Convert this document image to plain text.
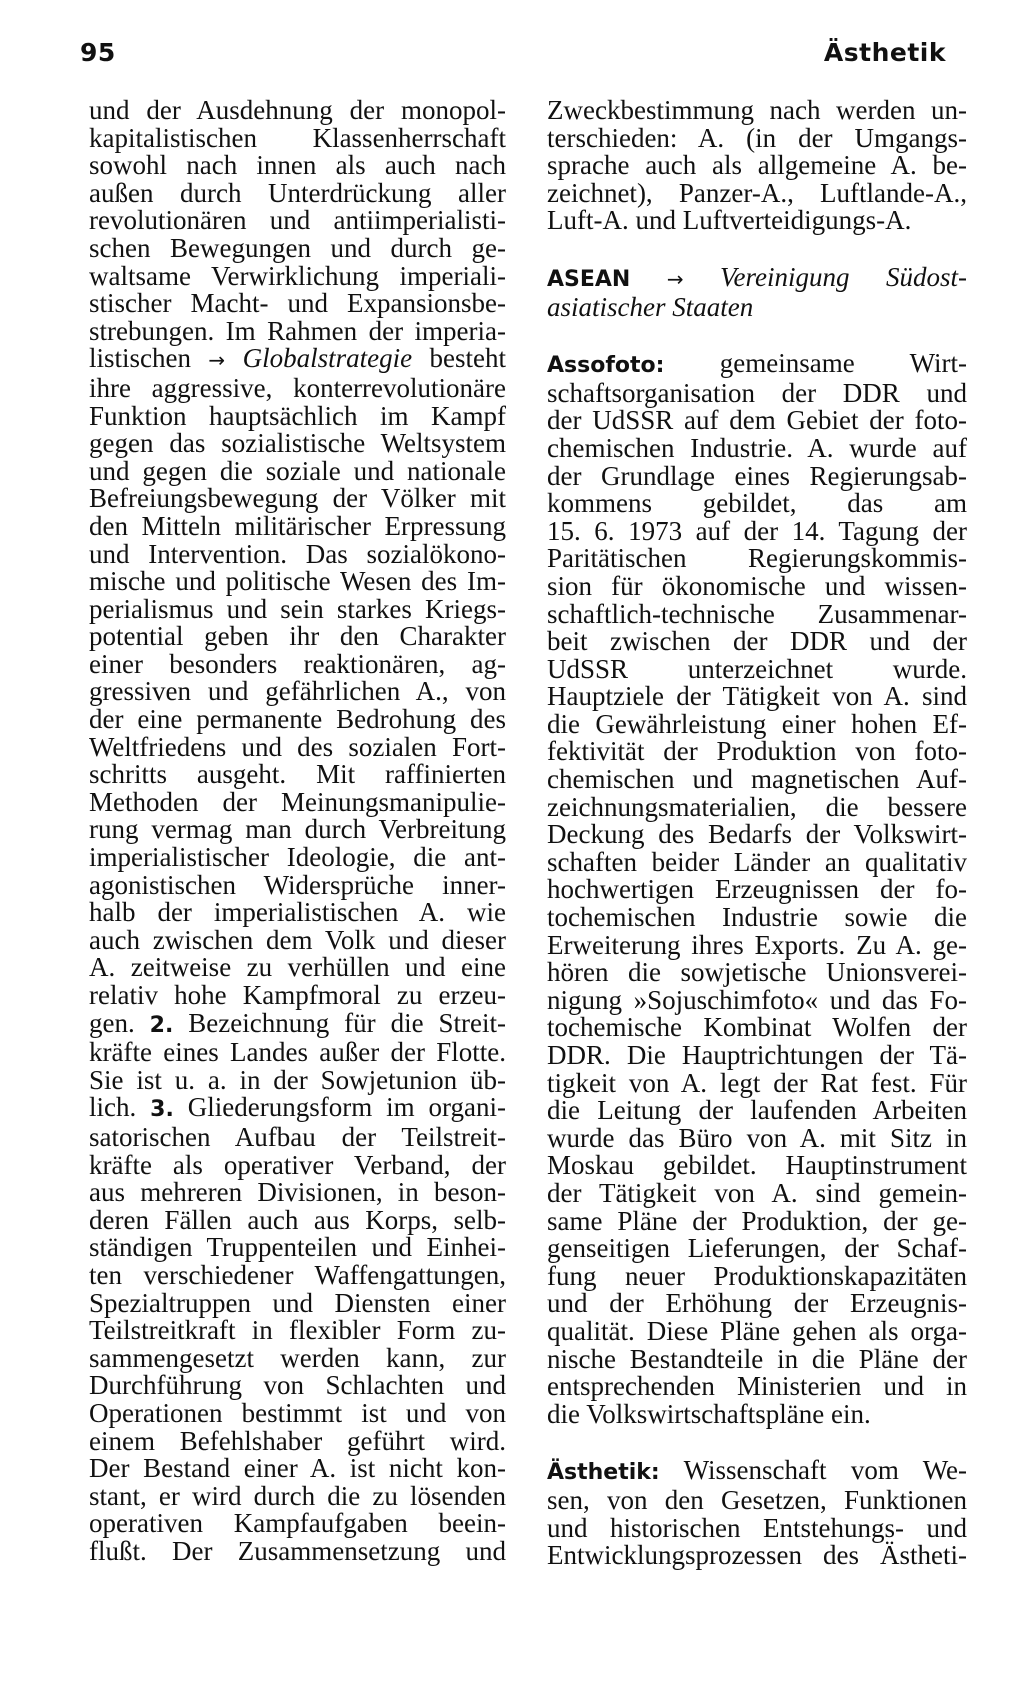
95	Ästhetik
und der Ausdehnung der monopol-
kapitalistischen Klassenherrschaft
sowohl nach innen als auch nach
außen durch Unterdrückung aller
revolutionären und antiimperialisti-
schen Bewegungen und durch ge-
waltsame Verwirklichung imperiali-
stischer Macht- und Expansionsbe-
strebungen. Im Rahmen der imperia-
listischen → Globalstrategie besteht
ihre aggressive, konterrevolutionäre
Funktion hauptsächlich im Kampf
gegen das sozialistische Weltsystem
und gegen die soziale und nationale
Befreiungsbewegung der Völker mit
den Mitteln militärischer Erpressung
und Intervention. Das sozialökono-
mische und politische Wesen des Im-
perialismus und sein starkes Kriegs-
potential geben ihr den Charakter
einer besonders reaktionären, ag-
gressiven und gefährlichen A., von
der eine permanente Bedrohung des
Weltfriedens und des sozialen Fort-
schritts ausgeht. Mit raffinierten
Methoden der Meinungsmanipulie-
rung vermag man durch Verbreitung
imperialistischer Ideologie, die ant-
agonistischen Widersprüche inner-
halb der imperialistischen A. wie
auch zwischen dem Volk und dieser
A. zeitweise zu verhüllen und eine
relativ hohe Kampfmoral zu erzeu-
gen. 2. Bezeichnung für die Streit-
kräfte eines Landes außer der Flotte.
Sie ist u. a. in der Sowjetunion üb-
lich. 3. Gliederungsform im organi-
satorischen Aufbau der Teilstreit-
kräfte als operativer Verband, der
aus mehreren Divisionen, in beson-
deren Fällen auch aus Korps, selb-
ständigen Truppenteilen und Einhei-
ten verschiedener Waffengattungen,
Spezialtruppen und Diensten einer
Teilstreitkraft in flexibler Form zu-
sammengesetzt werden kann, zur
Durchführung von Schlachten und
Operationen bestimmt ist und von
einem Befehlshaber geführt wird.
Der Bestand einer A. ist nicht kon-
stant, er wird durch die zu lösenden
operativen Kampfaufgaben beein-
flußt. Der Zusammensetzung und
Zweckbestimmung nach werden un-
terschieden: A. (in der Umgangs-
sprache auch als allgemeine A. be-
zeichnet), Panzer-A., Luftlande-A.,
Luft-A. und Luftverteidigungs-A.
ASEAN → Vereinigung Südost-
asiatischer Staaten
Assofoto: gemeinsame Wirt-
schaftsorganisation der DDR und
der UdSSR auf dem Gebiet der foto-
chemischen Industrie. A. wurde auf
der Grundlage eines Regierungsab-
kommens gebildet, das am
15. 6. 1973 auf der 14. Tagung der
Paritätischen Regierungskommis-
sion für ökonomische und wissen-
schaftlich-technische Zusammenar-
beit zwischen der DDR und der
UdSSR unterzeichnet wurde.
Hauptziele der Tätigkeit von A. sind
die Gewährleistung einer hohen Ef-
fektivität der Produktion von foto-
chemischen und magnetischen Auf-
zeichnungsmaterialien, die bessere
Deckung des Bedarfs der Volkswirt-
schaften beider Länder an qualitativ
hochwertigen Erzeugnissen der fo-
tochemischen Industrie sowie die
Erweiterung ihres Exports. Zu A. ge-
hören die sowjetische Unionsverei-
nigung »Sojuschimfoto« und das Fo-
tochemische Kombinat Wolfen der
DDR. Die Hauptrichtungen der Tä-
tigkeit von A. legt der Rat fest. Für
die Leitung der laufenden Arbeiten
wurde das Büro von A. mit Sitz in
Moskau gebildet. Hauptinstrument
der Tätigkeit von A. sind gemein-
same Pläne der Produktion, der ge-
genseitigen Lieferungen, der Schaf-
fung neuer Produktionskapazitäten
und der Erhöhung der Erzeugnis-
qualität. Diese Pläne gehen als orga-
nische Bestandteile in die Pläne der
entsprechenden Ministerien und in
die Volkswirtschaftspläne ein.
Ästhetik: Wissenschaft vom We-
sen, von den Gesetzen, Funktionen
und historischen Entstehungs- und
Entwicklungsprozessen des Ästheti-
